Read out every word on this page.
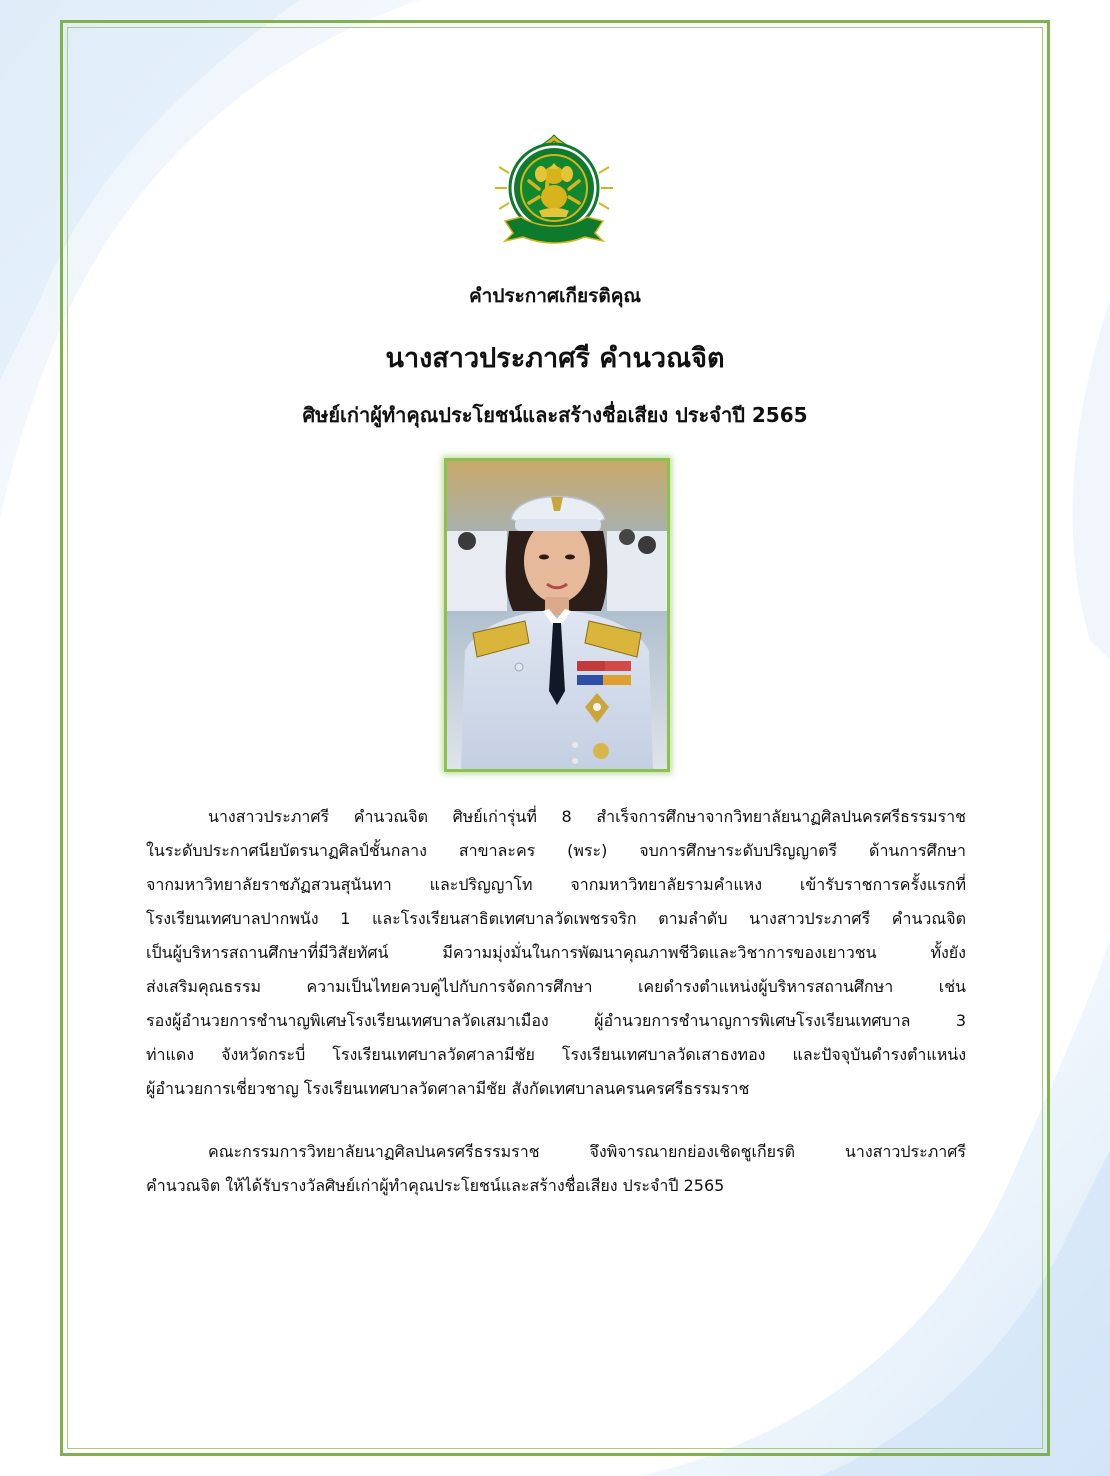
คำประกาศเกียรติคุณ
นางสาวประภาศรี คำนวณจิต
ศิษย์เก่าผู้ทำคุณประโยชน์และสร้างชื่อเสียง ประจำปี 2565
นางสาวประภาศรี คำนวณจิต ศิษย์เก่ารุ่นที่ 8 สำเร็จการศึกษาจากวิทยาลัยนาฏศิลปนครศรีธรรมราช
ในระดับประกาศนียบัตรนาฏศิลป์ชั้นกลาง สาขาละคร (พระ) จบการศึกษาระดับปริญญาตรี ด้านการศึกษา
จากมหาวิทยาลัยราชภัฏสวนสุนันทา และปริญญาโท จากมหาวิทยาลัยรามคำแหง เข้ารับราชการครั้งแรกที่
โรงเรียนเทศบาลปากพนัง 1 และโรงเรียนสาธิตเทศบาลวัดเพชรจริก ตามลำดับ นางสาวประภาศรี คำนวณจิต
เป็นผู้บริหารสถานศึกษาที่มีวิสัยทัศน์ มีความมุ่งมั่นในการพัฒนาคุณภาพชีวิตและวิชาการของเยาวชน ทั้งยัง
ส่งเสริมคุณธรรม ความเป็นไทยควบคู่ไปกับการจัดการศึกษา เคยดำรงตำแหน่งผู้บริหารสถานศึกษา เช่น
รองผู้อำนวยการชำนาญพิเศษโรงเรียนเทศบาลวัดเสมาเมือง ผู้อำนวยการชำนาญการพิเศษโรงเรียนเทศบาล 3
ท่าแดง จังหวัดกระบี่ โรงเรียนเทศบาลวัดศาลามีชัย โรงเรียนเทศบาลวัดเสาธงทอง และปัจจุบันดำรงตำแหน่ง
ผู้อำนวยการเชี่ยวชาญ โรงเรียนเทศบาลวัดศาลามีชัย สังกัดเทศบาลนครนครศรีธรรมราช
คณะกรรมการวิทยาลัยนาฏศิลปนครศรีธรรมราช จึงพิจารณายกย่องเชิดชูเกียรติ นางสาวประภาศรี
คำนวณจิต ให้ได้รับรางวัลศิษย์เก่าผู้ทำคุณประโยชน์และสร้างชื่อเสียง ประจำปี 2565
